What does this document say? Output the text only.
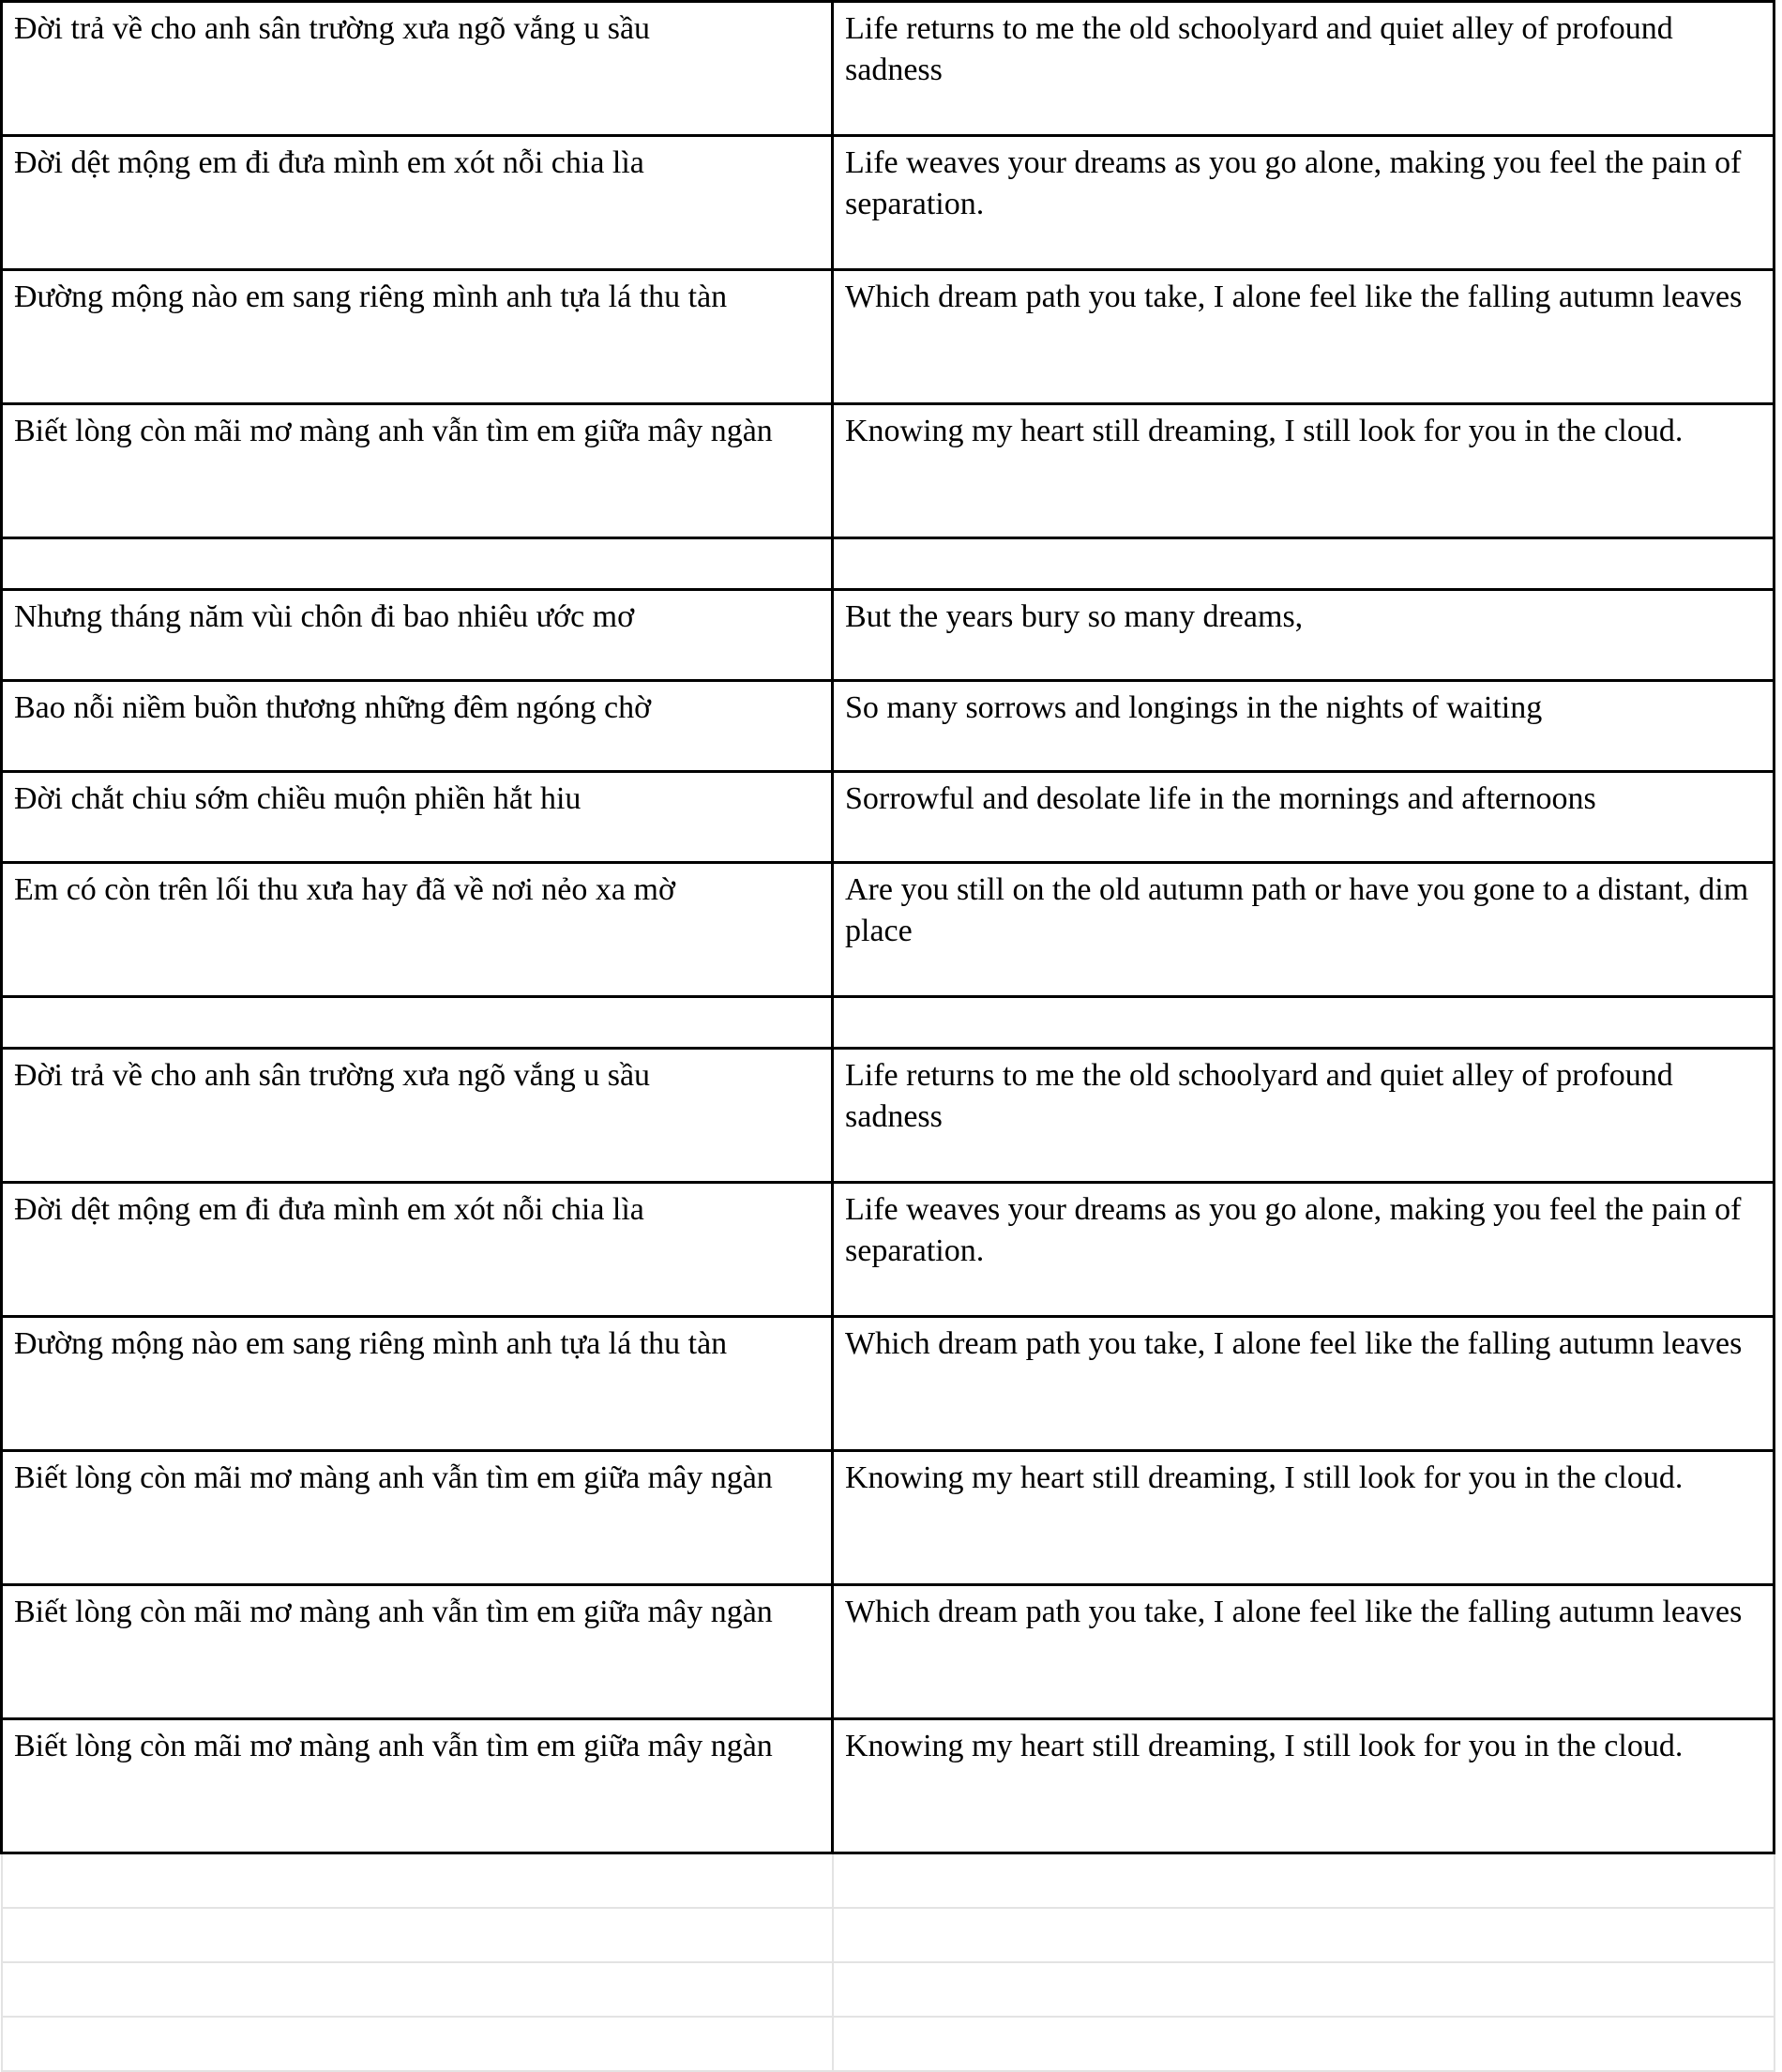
Đời trả về cho anh sân trường xưa ngõ vắng u sầu	Life returns to me the old schoolyard and quiet alley of profound sadness

Đời dệt mộng em đi đưa mình em xót nỗi chia lìa	Life weaves your dreams as you go alone, making you feel the pain of separation.

Đường mộng nào em sang riêng mình anh tựa lá thu tàn	Which dream path you take, I alone feel like the falling autumn leaves

Biết lòng còn mãi mơ màng anh vẫn tìm em giữa mây ngàn	Knowing my heart still dreaming, I still look for you in the cloud.

Nhưng tháng năm vùi chôn đi bao nhiêu ước mơ	But the years bury so many dreams,

Bao nỗi niềm buồn thương những đêm ngóng chờ	So many sorrows and longings in the nights of waiting

Đời chắt chiu sớm chiều muộn phiền hắt hiu	Sorrowful and desolate life in the mornings and afternoons

Em có còn trên lối thu xưa hay đã về nơi nẻo xa mờ	Are you still on the old autumn path or have you gone to a distant, dim place

Đời trả về cho anh sân trường xưa ngõ vắng u sầu	Life returns to me the old schoolyard and quiet alley of profound sadness

Đời dệt mộng em đi đưa mình em xót nỗi chia lìa	Life weaves your dreams as you go alone, making you feel the pain of separation.

Đường mộng nào em sang riêng mình anh tựa lá thu tàn	Which dream path you take, I alone feel like the falling autumn leaves

Biết lòng còn mãi mơ màng anh vẫn tìm em giữa mây ngàn	Knowing my heart still dreaming, I still look for you in the cloud.

Biết lòng còn mãi mơ màng anh vẫn tìm em giữa mây ngàn	Which dream path you take, I alone feel like the falling autumn leaves

Biết lòng còn mãi mơ màng anh vẫn tìm em giữa mây ngàn	Knowing my heart still dreaming, I still look for you in the cloud.
